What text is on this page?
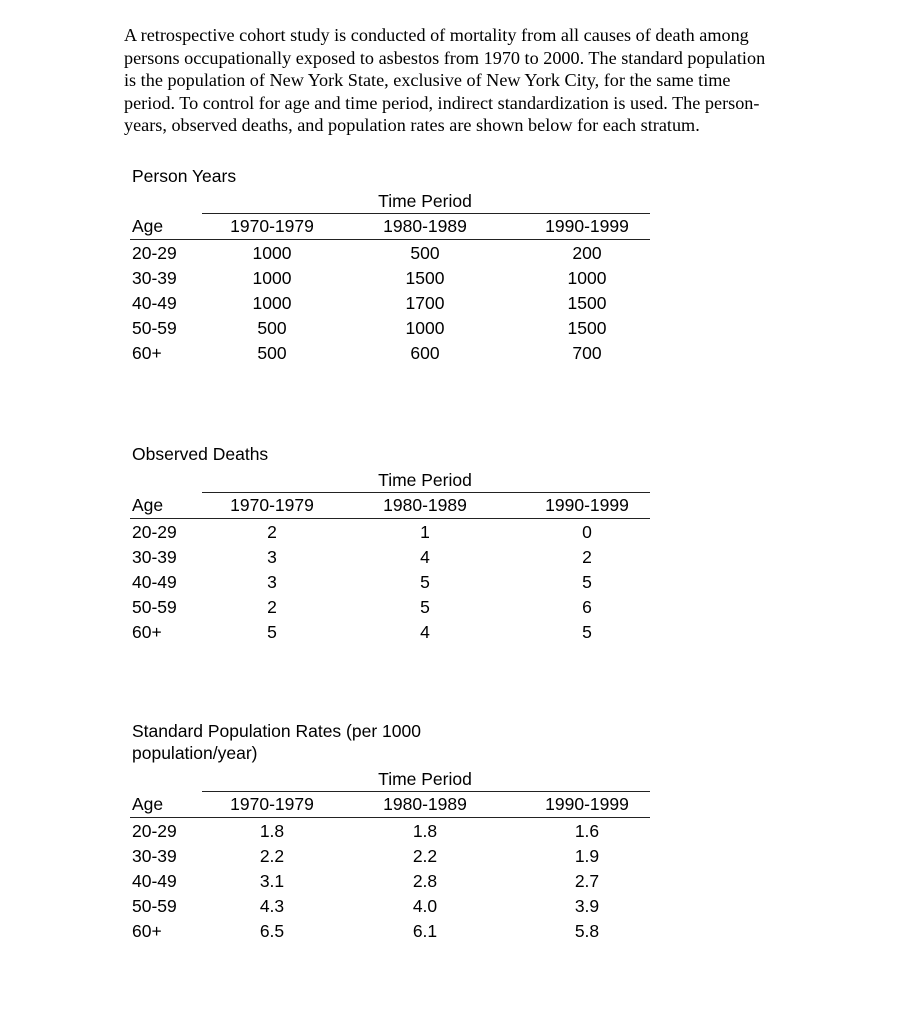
A retrospective cohort study is conducted of mortality from all causes of death among
persons occupationally exposed to asbestos from 1970 to 2000. The standard population
is the population of New York State, exclusive of New York City, for the same time
period. To control for age and time period, indirect standardization is used. The person-
years, observed deaths, and population rates are shown below for each stratum.

Person Years

Time Period
Age	1970-1979	1980-1989	1990-1999
20-29	1000	500	200
30-39	1000	1500	1000
40-49	1000	1700	1500
50-59	500	1000	1500
60+	500	600	700

Observed Deaths

Time Period
Age	1970-1979	1980-1989	1990-1999
20-29	2	1	0
30-39	3	4	2
40-49	3	5	5
50-59	2	5	6
60+	5	4	5

Standard Population Rates (per 1000
population/year)

Time Period
Age	1970-1979	1980-1989	1990-1999
20-29	1.8	1.8	1.6
30-39	2.2	2.2	1.9
40-49	3.1	2.8	2.7
50-59	4.3	4.0	3.9
60+	6.5	6.1	5.8
